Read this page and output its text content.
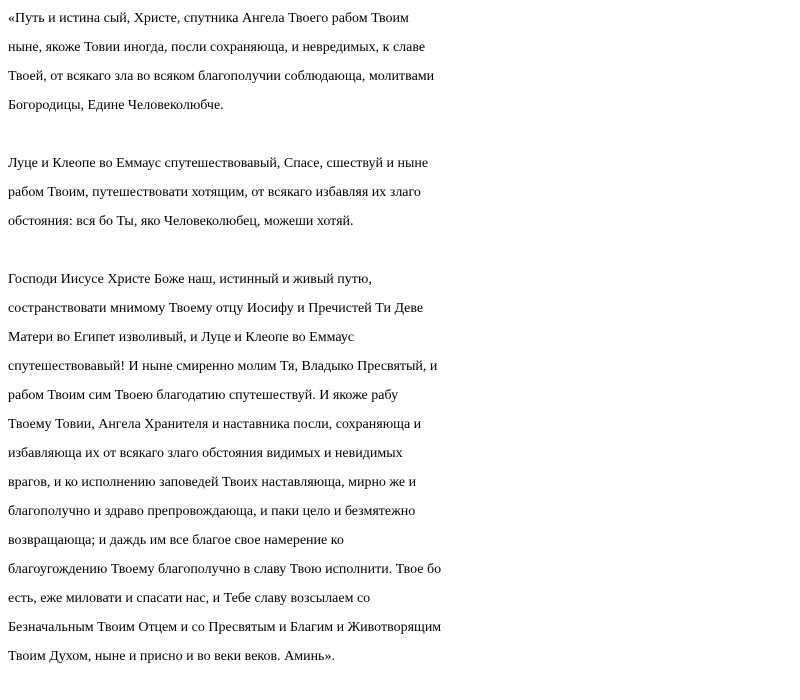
«Путь и истина сый, Христе, спутника Ангела Твоего рабом Твоим
ныне, якоже Товии иногда, посли сохраняюща, и невредимых, к славе
Твоей, от всякаго зла во всяком благополучии соблюдающа, молитвами
Богородицы, Едине Человеколюбче.
Луце и Клеопе во Еммаус спутешествовавый, Спасе, сшествуй и ныне
рабом Твоим, путешествовати хотящим, от всякаго избавляя их злаго
обстояния: вся бо Ты, яко Человеколюбец, можеши хотяй.
Господи Иисусе Христе Боже наш, истинный и живый путю,
состранствовати мнимому Твоему отцу Иосифу и Пречистей Ти Деве
Матери во Египет изволивый, и Луце и Клеопе во Еммаус
спутешествовавый! И ныне смиренно молим Тя, Владыко Пресвятый, и
рабом Твоим сим Твоею благодатию спутешествуй. И якоже рабу
Твоему Товии, Ангела Хранителя и наставника посли, сохраняюща и
избавляюща их от всякаго злаго обстояния видимых и невидимых
врагов, и ко исполнению заповедей Твоих наставляюща, мирно же и
благополучно и здраво препровождающа, и паки цело и безмятежно
возвращающа; и даждь им все благое свое намерение ко
благоугождению Твоему благополучно в славу Твою исполнити. Твое бо
есть, еже миловати и спасати нас, и Тебе славу возсылаем со
Безначальным Твоим Отцем и со Пресвятым и Благим и Животворящим
Твоим Духом, ныне и присно и во веки веков. Аминь».
